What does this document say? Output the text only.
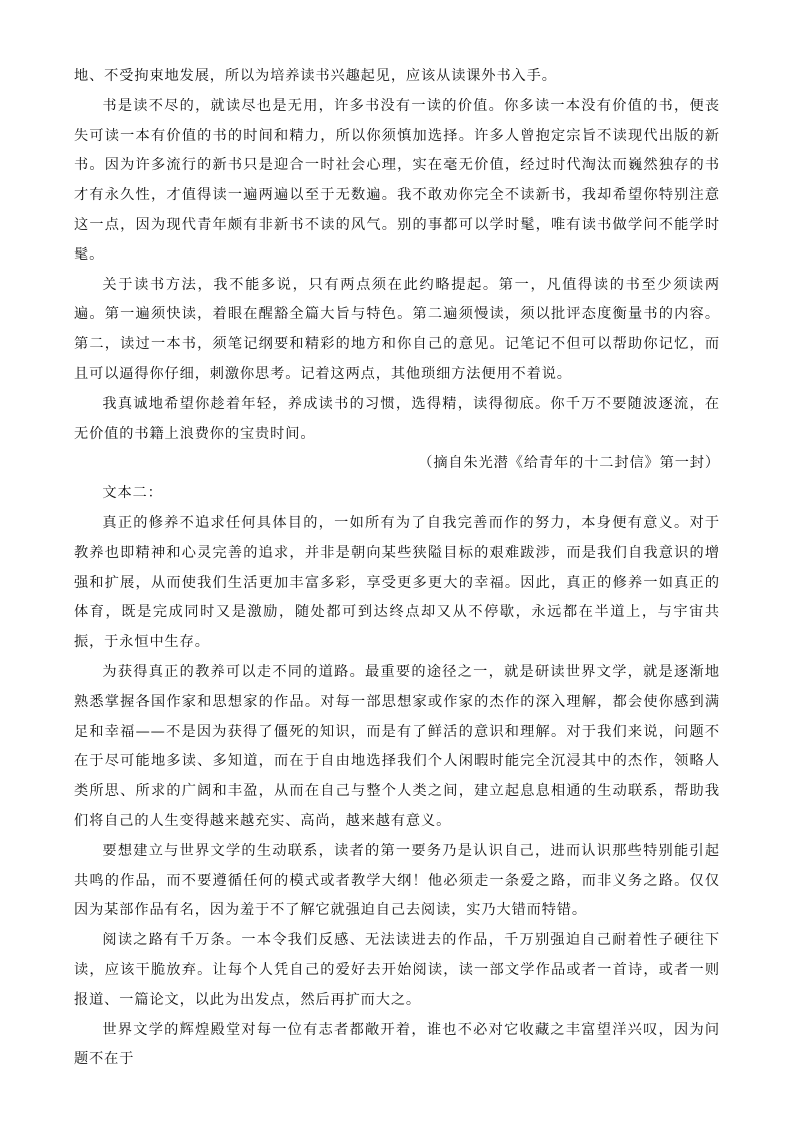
地、不受拘束地发展，所以为培养读书兴趣起见，应该从读课外书入手。

书是读不尽的，就读尽也是无用，许多书没有一读的价值。你多读一本没有价值的书，便丧失可读一本有价值的书的时间和精力，所以你须慎加选择。许多人曾抱定宗旨不读现代出版的新书。因为许多流行的新书只是迎合一时社会心理，实在毫无价值，经过时代淘汰而巍然独存的书才有永久性，才值得读一遍两遍以至于无数遍。我不敢劝你完全不读新书，我却希望你特别注意这一点，因为现代青年颇有非新书不读的风气。别的事都可以学时髦，唯有读书做学问不能学时髦。

关于读书方法，我不能多说，只有两点须在此约略提起。第一，凡值得读的书至少须读两遍。第一遍须快读，着眼在醒豁全篇大旨与特色。第二遍须慢读，须以批评态度衡量书的内容。第二，读过一本书，须笔记纲要和精彩的地方和你自己的意见。记笔记不但可以帮助你记忆，而且可以逼得你仔细，刺激你思考。记着这两点，其他琐细方法便用不着说。

我真诚地希望你趁着年轻，养成读书的习惯，选得精，读得彻底。你千万不要随波逐流，在无价值的书籍上浪费你的宝贵时间。

（摘自朱光潜《给青年的十二封信》第一封）

文本二：

真正的修养不追求任何具体目的，一如所有为了自我完善而作的努力，本身便有意义。对于教养也即精神和心灵完善的追求，并非是朝向某些狭隘目标的艰难跋涉，而是我们自我意识的增强和扩展，从而使我们生活更加丰富多彩，享受更多更大的幸福。因此，真正的修养一如真正的体育，既是完成同时又是激励，随处都可到达终点却又从不停歇，永远都在半道上，与宇宙共振，于永恒中生存。

为获得真正的教养可以走不同的道路。最重要的途径之一，就是研读世界文学，就是逐渐地熟悉掌握各国作家和思想家的作品。对每一部思想家或作家的杰作的深入理解，都会使你感到满足和幸福——不是因为获得了僵死的知识，而是有了鲜活的意识和理解。对于我们来说，问题不在于尽可能地多读、多知道，而在于自由地选择我们个人闲暇时能完全沉浸其中的杰作，领略人类所思、所求的广阔和丰盈，从而在自己与整个人类之间，建立起息息相通的生动联系，帮助我们将自己的人生变得越来越充实、高尚，越来越有意义。

要想建立与世界文学的生动联系，读者的第一要务乃是认识自己，进而认识那些特别能引起共鸣的作品，而不要遵循任何的模式或者教学大纲！他必须走一条爱之路，而非义务之路。仅仅因为某部作品有名，因为羞于不了解它就强迫自己去阅读，实乃大错而特错。

阅读之路有千万条。一本令我们反感、无法读进去的作品，千万别强迫自己耐着性子硬往下读，应该干脆放弃。让每个人凭自己的爱好去开始阅读，读一部文学作品或者一首诗，或者一则报道、一篇论文，以此为出发点，然后再扩而大之。

世界文学的辉煌殿堂对每一位有志者都敞开着，谁也不必对它收藏之丰富望洋兴叹，因为问题不在于
